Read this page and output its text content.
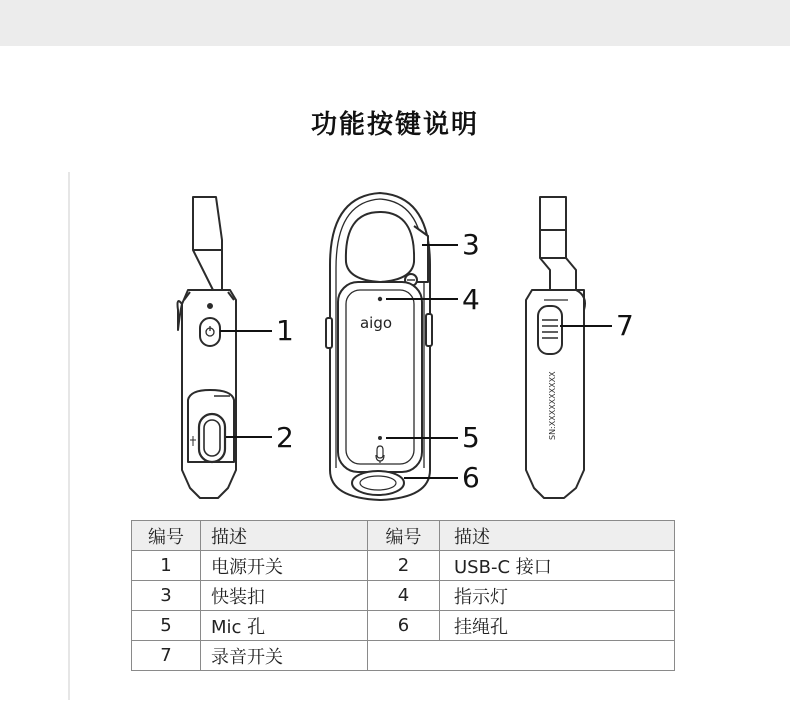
功能按键说明
aigo
SN:XXXXXXXXXX
1
2
3
4
5
6
7
编号	描述	编号	描述
1	电源开关	2	USB-C 接口
3	快装扣	4	指示灯
5	Mic 孔	6	挂绳孔
7	录音开关		
